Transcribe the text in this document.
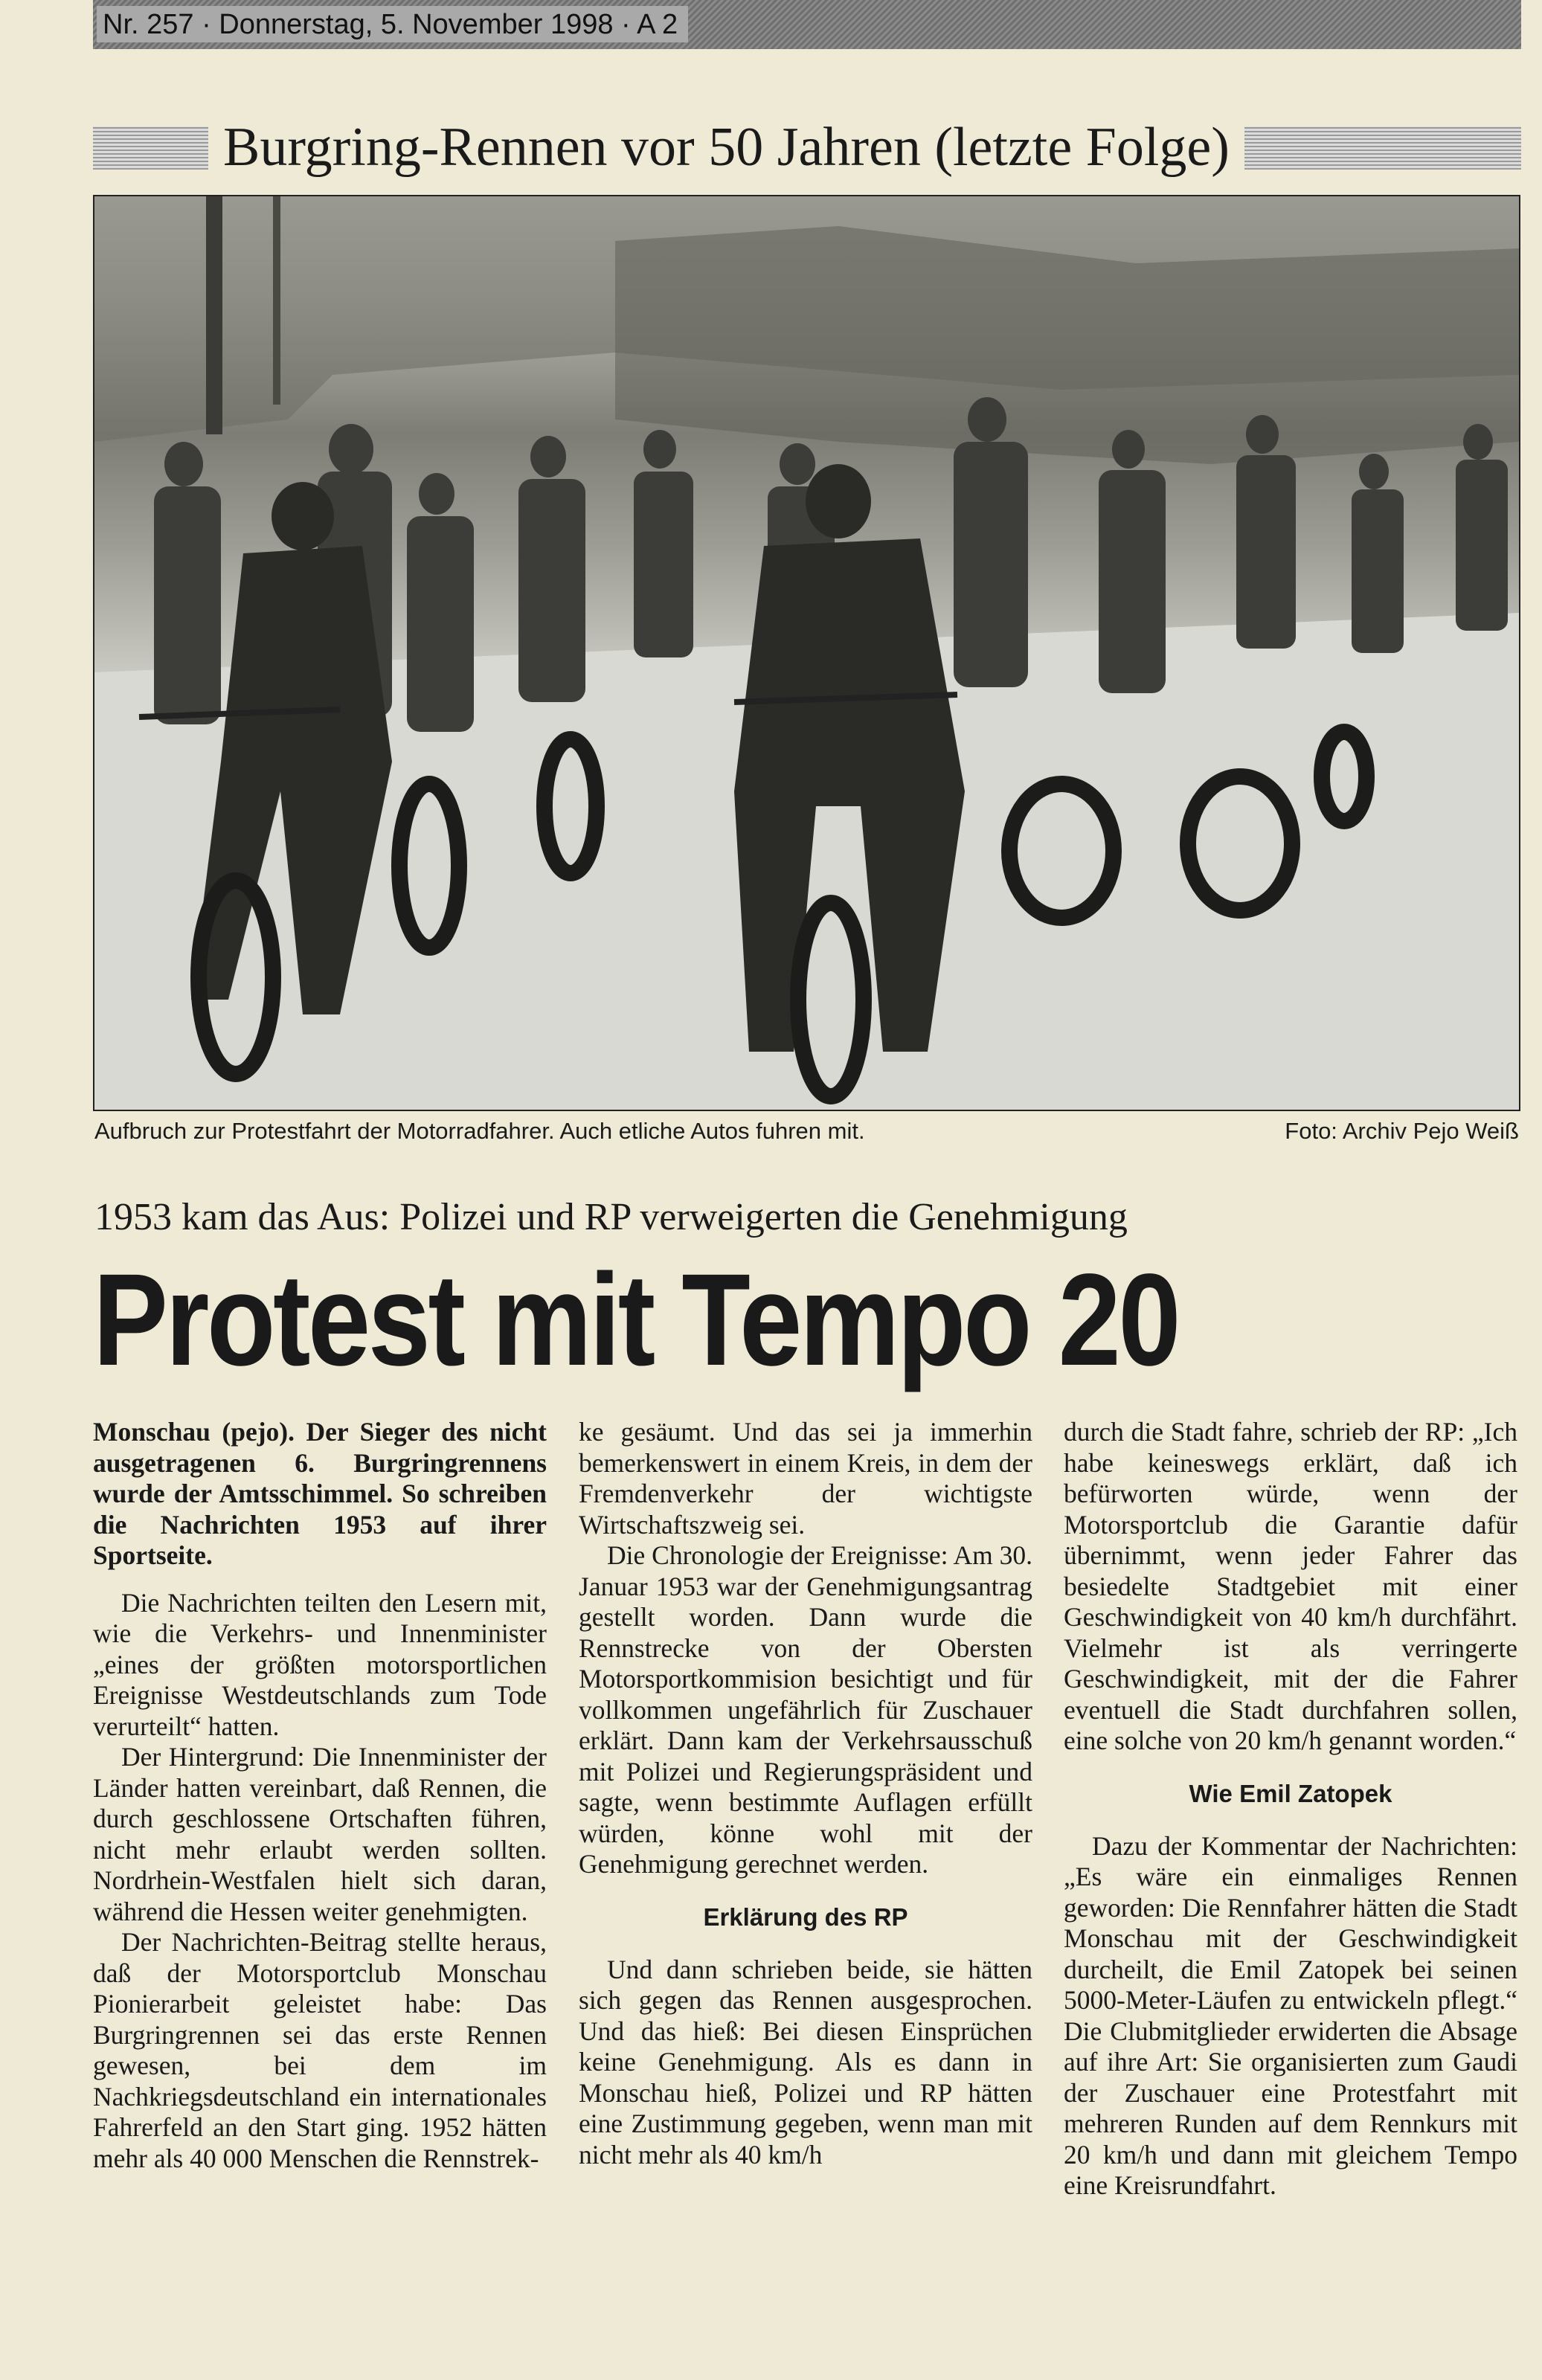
Nr. 257 · Donnerstag, 5. November 1998 · A 2
Burgring-Rennen vor 50 Jahren (letzte Folge)
Aufbruch zur Protestfahrt der Motorradfahrer. Auch etliche Autos fuhren mit.	Foto: Archiv Pejo Weiß
1953 kam das Aus: Polizei und RP verweigerten die Genehmigung
Protest mit Tempo 20

Monschau (pejo). Der Sieger des nicht ausgetragenen 6. Burgringrennens wurde der Amtsschimmel. So schreiben die Nachrichten 1953 auf ihrer Sportseite.

Die Nachrichten teilten den Lesern mit, wie die Verkehrs- und Innenminister „eines der größten motorsportlichen Ereignisse Westdeutschlands zum Tode verurteilt“ hatten.

Der Hintergrund: Die Innenminister der Länder hatten vereinbart, daß Rennen, die durch geschlossene Ortschaften führen, nicht mehr erlaubt werden sollten. Nordrhein-Westfalen hielt sich daran, während die Hessen weiter genehmigten.

Der Nachrichten-Beitrag stellte heraus, daß der Motorsportclub Monschau Pionierarbeit geleistet habe: Das Burgringrennen sei das erste Rennen gewesen, bei dem im Nachkriegsdeutschland ein internationales Fahrerfeld an den Start ging. 1952 hätten mehr als 40 000 Menschen die Rennstrek-

ke gesäumt. Und das sei ja immerhin bemerkenswert in einem Kreis, in dem der Fremdenverkehr der wichtigste Wirtschaftszweig sei.

Die Chronologie der Ereignisse: Am 30. Januar 1953 war der Genehmigungsantrag gestellt worden. Dann wurde die Rennstrecke von der Obersten Motorsportkommision besichtigt und für vollkommen ungefährlich für Zuschauer erklärt. Dann kam der Verkehrsausschuß mit Polizei und Regierungspräsident und sagte, wenn bestimmte Auflagen erfüllt würden, könne wohl mit der Genehmigung gerechnet werden.

Erklärung des RP

Und dann schrieben beide, sie hätten sich gegen das Rennen ausgesprochen. Und das hieß: Bei diesen Einsprüchen keine Genehmigung. Als es dann in Monschau hieß, Polizei und RP hätten eine Zustimmung gegeben, wenn man mit nicht mehr als 40 km/h

durch die Stadt fahre, schrieb der RP: „Ich habe keineswegs erklärt, daß ich befürworten würde, wenn der Motorsportclub die Garantie dafür übernimmt, wenn jeder Fahrer das besiedelte Stadtgebiet mit einer Geschwindigkeit von 40 km/h durchfährt. Vielmehr ist als verringerte Geschwindigkeit, mit der die Fahrer eventuell die Stadt durchfahren sollen, eine solche von 20 km/h genannt worden.“

Wie Emil Zatopek

Dazu der Kommentar der Nachrichten: „Es wäre ein einmaliges Rennen geworden: Die Rennfahrer hätten die Stadt Monschau mit der Geschwindigkeit durcheilt, die Emil Zatopek bei seinen 5000-Meter-Läufen zu entwickeln pflegt.“ Die Clubmitglieder erwiderten die Absage auf ihre Art: Sie organisierten zum Gaudi der Zuschauer eine Protestfahrt mit mehreren Runden auf dem Rennkurs mit 20 km/h und dann mit gleichem Tempo eine Kreisrundfahrt.
